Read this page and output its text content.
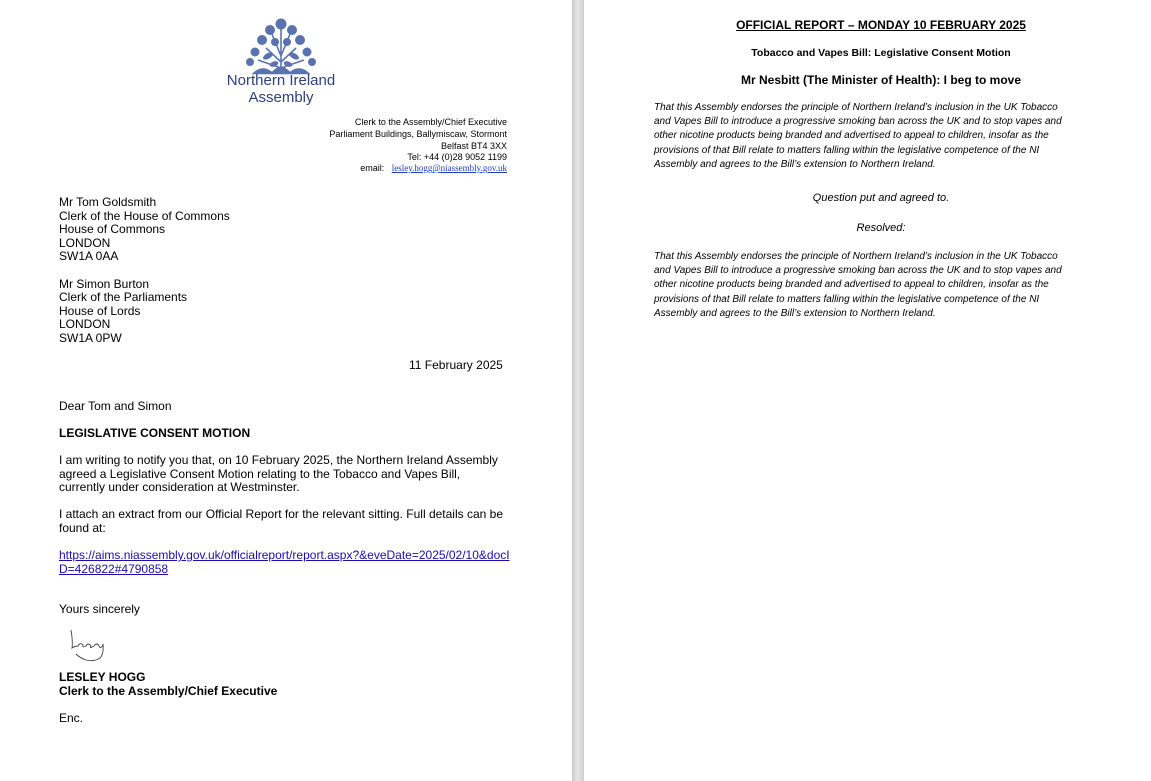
Northern Ireland
Assembly
Clerk to the Assembly/Chief Executive
Parliament Buildings, Ballymiscaw, Stormont
Belfast BT4 3XX
Tel: +44 (0)28 9052 1199
email: lesley.hogg@niassembly.gov.uk
Mr Tom Goldsmith
Clerk of the House of Commons
House of Commons
LONDON
SW1A 0AA
Mr Simon Burton
Clerk of the Parliaments
House of Lords
LONDON
SW1A 0PW
11 February 2025
Dear Tom and Simon
LEGISLATIVE CONSENT MOTION
I am writing to notify you that, on 10 February 2025, the Northern Ireland Assembly
agreed a Legislative Consent Motion relating to the Tobacco and Vapes Bill,
currently under consideration at Westminster.
I attach an extract from our Official Report for the relevant sitting. Full details can be
found at:
https://aims.niassembly.gov.uk/officialreport/report.aspx?&eveDate=2025/02/10&docI
D=426822#4790858
Yours sincerely
LESLEY HOGG
Clerk to the Assembly/Chief Executive
Enc.
OFFICIAL REPORT – MONDAY 10 FEBRUARY 2025
Tobacco and Vapes Bill: Legislative Consent Motion
Mr Nesbitt (The Minister of Health): I beg to move
That this Assembly endorses the principle of Northern Ireland’s inclusion in the UK Tobacco
and Vapes Bill to introduce a progressive smoking ban across the UK and to stop vapes and
other nicotine products being branded and advertised to appeal to children, insofar as the
provisions of that Bill relate to matters falling within the legislative competence of the NI
Assembly and agrees to the Bill’s extension to Northern Ireland.
Question put and agreed to.
Resolved:
That this Assembly endorses the principle of Northern Ireland’s inclusion in the UK Tobacco
and Vapes Bill to introduce a progressive smoking ban across the UK and to stop vapes and
other nicotine products being branded and advertised to appeal to children, insofar as the
provisions of that Bill relate to matters falling within the legislative competence of the NI
Assembly and agrees to the Bill’s extension to Northern Ireland.
